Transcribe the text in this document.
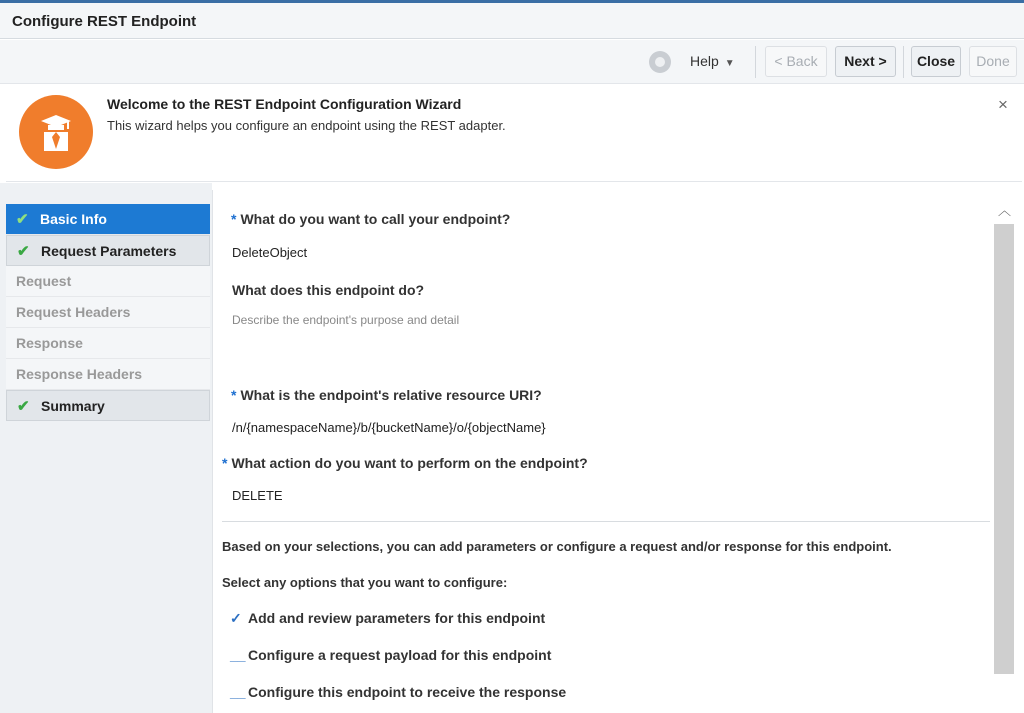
Configure REST Endpoint
Help ▼	< Back	Next >	Close	Done
Welcome to the REST Endpoint Configuration Wizard
This wizard helps you configure an endpoint using the REST adapter.
×
✔ Basic Info
✔ Request Parameters
Request
Request Headers
Response
Response Headers
✔ Summary
* What do you want to call your endpoint?
DeleteObject
What does this endpoint do?
Describe the endpoint's purpose and detail
* What is the endpoint's relative resource URI?
/n/{namespaceName}/b/{bucketName}/o/{objectName}
* What action do you want to perform on the endpoint?
DELETE
Based on your selections, you can add parameters or configure a request and/or response for this endpoint.
Select any options that you want to configure:
✓ Add and review parameters for this endpoint
__ Configure a request payload for this endpoint
__ Configure this endpoint to receive the response
︿
